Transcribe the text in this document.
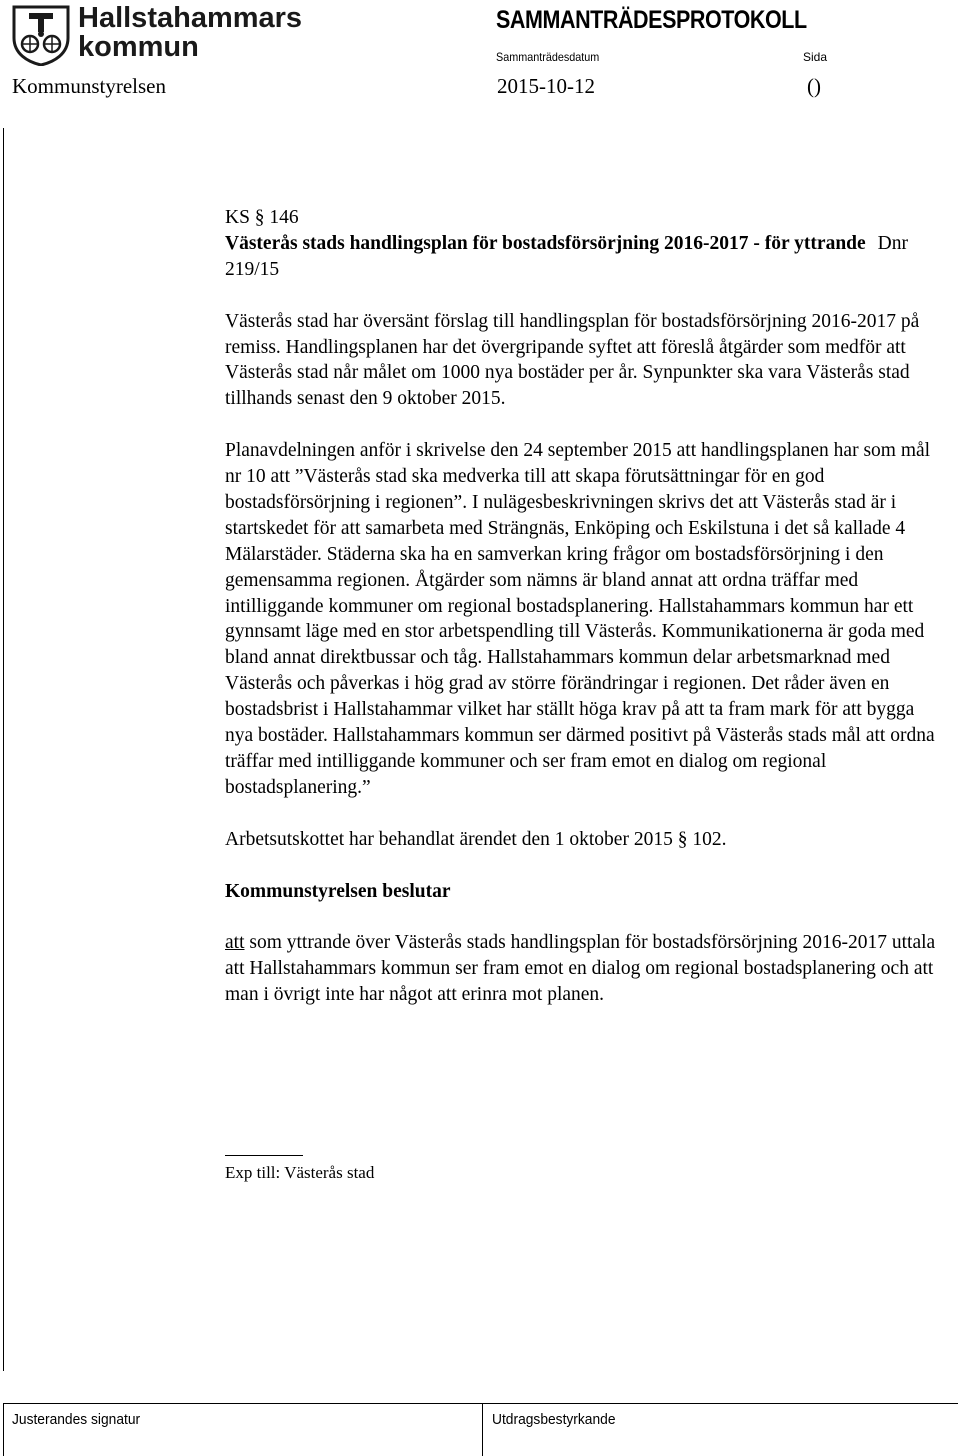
Hallstahammars
kommun
SAMMANTRÄDESPROTOKOLL
Sammanträdesdatum	Sida
Kommunstyrelsen	2015-10-12	()

KS § 146

Västerås stads handlingsplan för bostadsförsörjning 2016-2017 - för yttrande Dnr 219/15

Västerås stad har översänt förslag till handlingsplan för bostadsförsörjning 2016-2017 på remiss. Handlingsplanen har det övergripande syftet att föreslå åtgärder som medför att Västerås stad når målet om 1000 nya bostäder per år. Synpunkter ska vara Västerås stad tillhands senast den 9 oktober 2015.

Planavdelningen anför i skrivelse den 24 september 2015 att handlingsplanen har som mål nr 10 att ”Västerås stad ska medverka till att skapa förutsättningar för en god bostadsförsörjning i regionen”. I nulägesbeskrivningen skrivs det att Västerås stad är i startskedet för att samarbeta med Strängnäs, Enköping och Eskilstuna i det så kallade 4 Mälarstäder. Städerna ska ha en samverkan kring frågor om bostadsförsörjning i den gemensamma regionen. Åtgärder som nämns är bland annat att ordna träffar med intilliggande kommuner om regional bostadsplanering. Hallstahammars kommun har ett gynnsamt läge med en stor arbetspendling till Västerås. Kommunikationerna är goda med bland annat direktbussar och tåg. Hallstahammars kommun delar arbetsmarknad med Västerås och påverkas i hög grad av större förändringar i regionen. Det råder även en bostadsbrist i Hallstahammar vilket har ställt höga krav på att ta fram mark för att bygga nya bostäder. Hallstahammars kommun ser därmed positivt på Västerås stads mål att ordna träffar med intilliggande kommuner och ser fram emot en dialog om regional bostadsplanering.”

Arbetsutskottet har behandlat ärendet den 1 oktober 2015 § 102.

Kommunstyrelsen beslutar

att som yttrande över Västerås stads handlingsplan för bostadsförsörjning 2016-2017 uttala att Hallstahammars kommun ser fram emot en dialog om regional bostadsplanering och att man i övrigt inte har något att erinra mot planen.

Exp till: Västerås stad
Justerandes signatur	Utdragsbestyrkande
